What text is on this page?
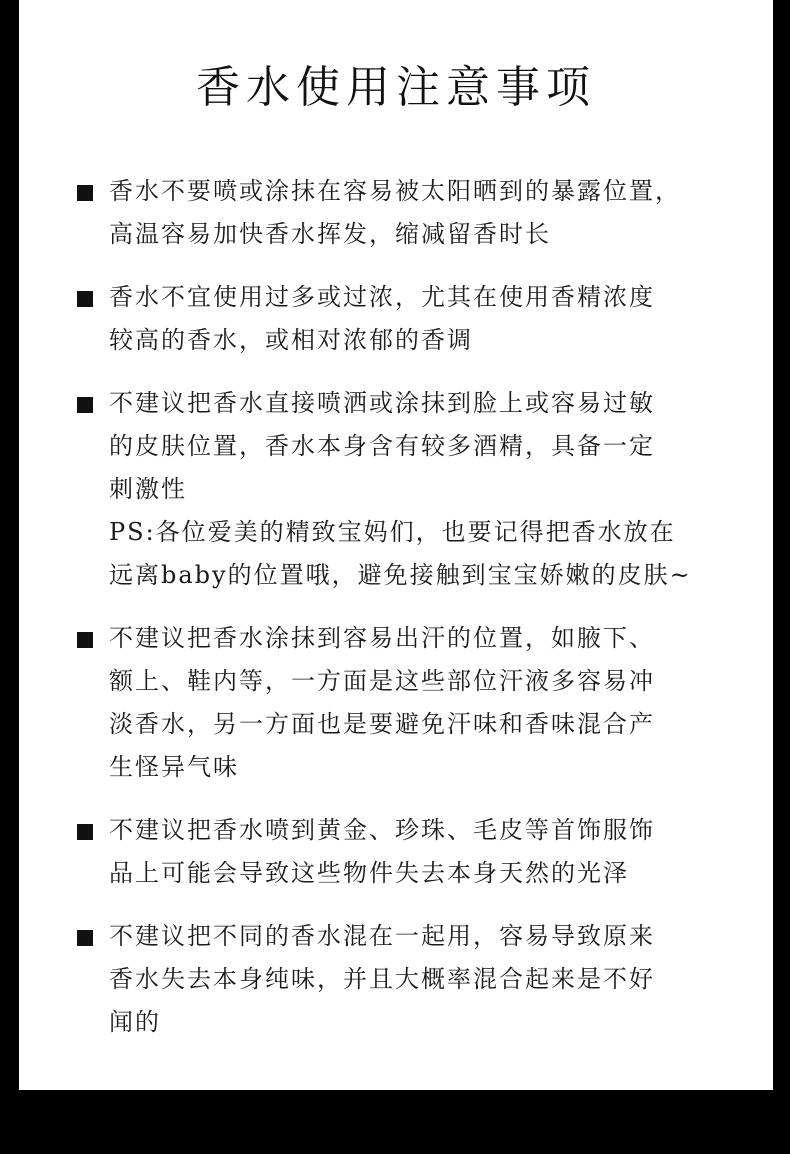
香水使用注意事项
香水不要喷或涂抹在容易被太阳晒到的暴露位置，
高温容易加快香水挥发，缩减留香时长
香水不宜使用过多或过浓，尤其在使用香精浓度
较高的香水，或相对浓郁的香调
不建议把香水直接喷洒或涂抹到脸上或容易过敏
的皮肤位置，香水本身含有较多酒精，具备一定
刺激性
PS:各位爱美的精致宝妈们，也要记得把香水放在
远离baby的位置哦，避免接触到宝宝娇嫩的皮肤~
不建议把香水涂抹到容易出汗的位置，如腋下、
额上、鞋内等，一方面是这些部位汗液多容易冲
淡香水，另一方面也是要避免汗味和香味混合产
生怪异气味
不建议把香水喷到黄金、珍珠、毛皮等首饰服饰
品上可能会导致这些物件失去本身天然的光泽
不建议把不同的香水混在一起用，容易导致原来
香水失去本身纯味，并且大概率混合起来是不好
闻的
